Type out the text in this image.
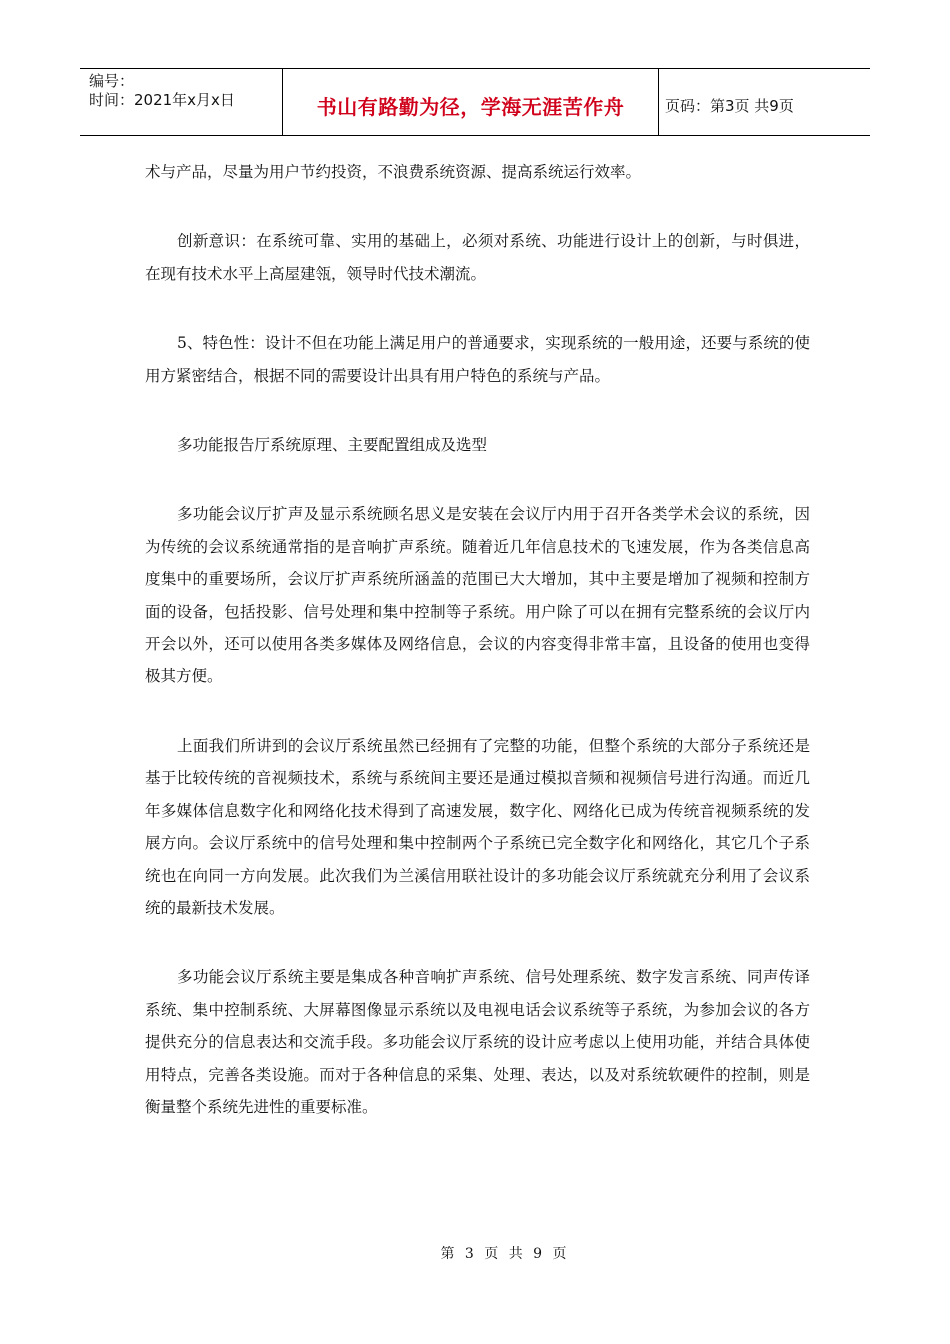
编号：
时间：2021年x月x日	书山有路勤为径，学海无涯苦作舟	页码：第3页 共9页

术与产品，尽量为用户节约投资，不浪费系统资源、提高系统运行效率。

创新意识：在系统可靠、实用的基础上，必须对系统、功能进行设计上的创新，与时俱进，在现有技术水平上高屋建瓴，领导时代技术潮流。

5、特色性：设计不但在功能上满足用户的普通要求，实现系统的一般用途，还要与系统的使用方紧密结合，根据不同的需要设计出具有用户特色的系统与产品。

多功能报告厅系统原理、主要配置组成及选型

多功能会议厅扩声及显示系统顾名思义是安装在会议厅内用于召开各类学术会议的系统，因为传统的会议系统通常指的是音响扩声系统。随着近几年信息技术的飞速发展，作为各类信息高度集中的重要场所，会议厅扩声系统所涵盖的范围已大大增加，其中主要是增加了视频和控制方面的设备，包括投影、信号处理和集中控制等子系统。用户除了可以在拥有完整系统的会议厅内开会以外，还可以使用各类多媒体及网络信息，会议的内容变得非常丰富，且设备的使用也变得极其方便。

上面我们所讲到的会议厅系统虽然已经拥有了完整的功能，但整个系统的大部分子系统还是基于比较传统的音视频技术，系统与系统间主要还是通过模拟音频和视频信号进行沟通。而近几年多媒体信息数字化和网络化技术得到了高速发展，数字化、网络化已成为传统音视频系统的发展方向。会议厅系统中的信号处理和集中控制两个子系统已完全数字化和网络化，其它几个子系统也在向同一方向发展。此次我们为兰溪信用联社设计的多功能会议厅系统就充分利用了会议系统的最新技术发展。

多功能会议厅系统主要是集成各种音响扩声系统、信号处理系统、数字发言系统、同声传译系统、集中控制系统、大屏幕图像显示系统以及电视电话会议系统等子系统，为参加会议的各方提供充分的信息表达和交流手段。多功能会议厅系统的设计应考虑以上使用功能，并结合具体使用特点，完善各类设施。而对于各种信息的采集、处理、表达，以及对系统软硬件的控制，则是衡量整个系统先进性的重要标准。

第 3 页 共 9 页
